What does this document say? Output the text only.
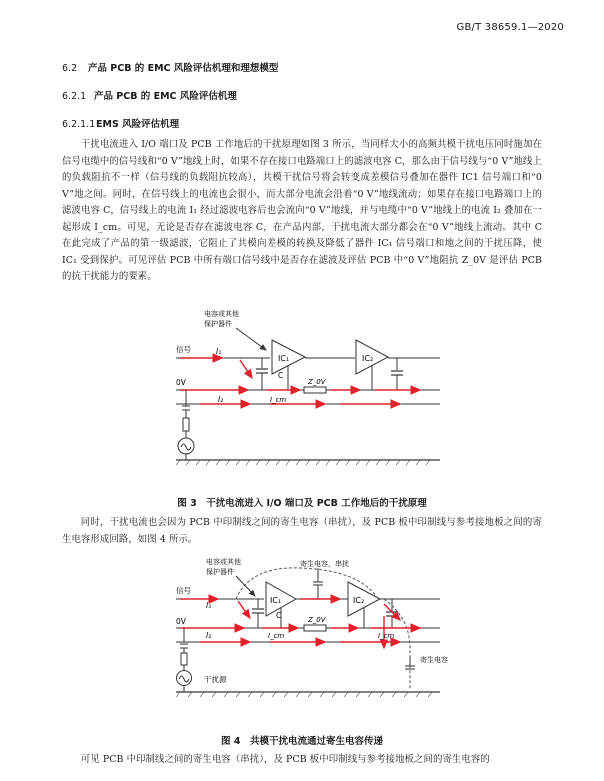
GB/T 38659.1—2020
6.2 产品 PCB 的 EMC 风险评估机理和理想模型
6.2.1 产品 PCB 的 EMC 风险评估机理
6.2.1.1EMS 风险评估机理

干扰电流进入 I/O 端口及 PCB 工作地后的干扰原理如图 3 所示，当同样大小的高频共模干扰电压同时施加在信号电缆中的信号线和“0 V”地线上时，如果不存在接口电路端口上的滤波电容 C，那么由于信号线与“0 V”地线上的负载阻抗不一样（信号线的负载阻抗较高），共模干扰信号将会转变成差模信号叠加在器件 IC1 信号端口和“0 V”地之间。同时，在信号线上的电流也会很小，而大部分电流会沿着“0 V”地线流动；如果存在接口电路端口上的滤波电容 C，信号线上的电流 I₁ 经过滤波电容后也会流向“0 V”地线，并与电缆中“0 V”地线上的电流 I₂ 叠加在一起形成 I_cm。可见，无论是否存在滤波电容 C，在产品内部，干扰电流大部分都会在“0 V”地线上流动。其中 C 在此完成了产品的第一级滤波，它阻止了共模向差模的转换及降低了器件 IC₁ 信号端口和地之间的干扰压降，使 IC₁ 受到保护。可见评估 PCB 中所有端口信号线中是否存在滤波及评估 PCB 中“0 V”地阻抗 Z_0V 是评估 PCB 的抗干扰能力的要素。

IC₁	IC₂
Z_0V
电容或其他
保护器件
信号
0V
I₁
I₂	I_cm
C
图 3　干扰电流进入 I/O 端口及 PCB 工作地后的干扰原理

同时，干扰电流也会因为 PCB 中印制线之间的寄生电容（串扰），及 PCB 板中印制线与参考接地板之间的寄生电容形成回路，如图 4 所示。

IC₁	IC₂
Z_0V
电容或其他
保护器件
寄生电容，串扰
寄生电容
信号
0V
I₁
I₂	I_cm	I_cm
C
干扰源
图 4　共模干扰电流通过寄生电容传递

可见 PCB 中印制线之间的寄生电容（串扰），及 PCB 板中印制线与参考接地板之间的寄生电容的
